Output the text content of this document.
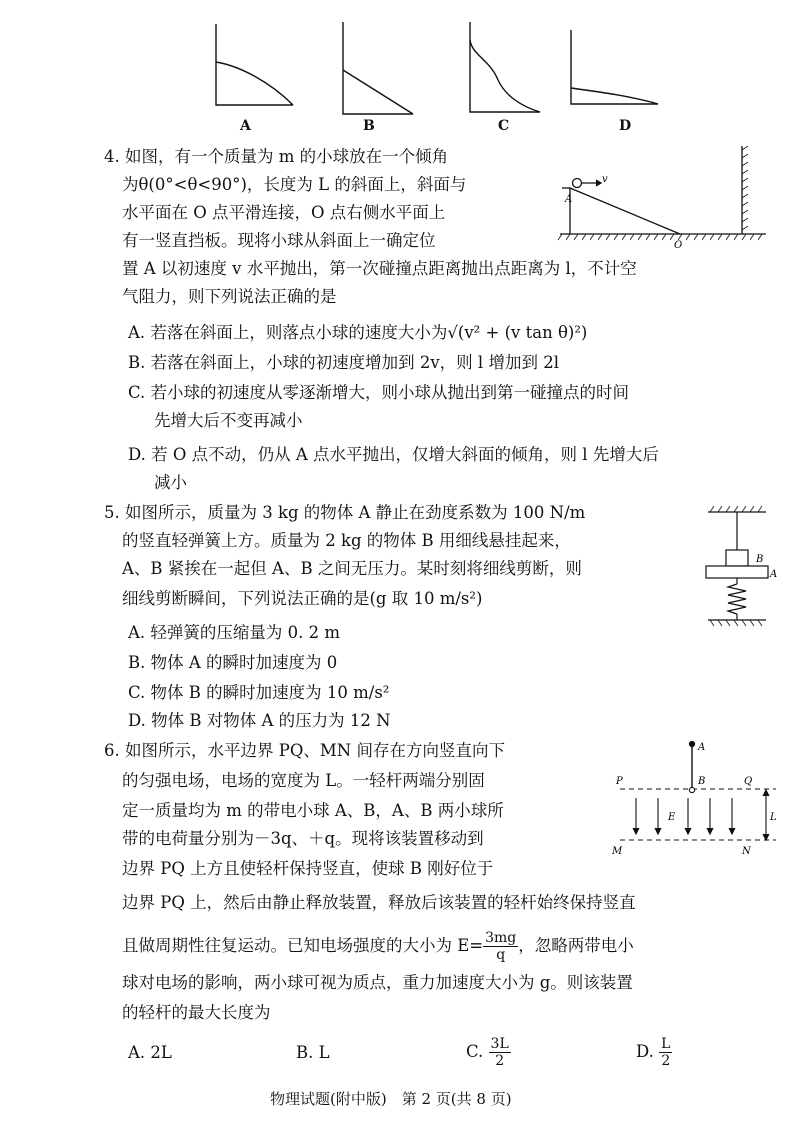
A	B	C	D
4. 如图，有一个质量为 m 的小球放在一个倾角
为θ(0°<θ<90°)，长度为 L 的斜面上，斜面与
水平面在 O 点平滑连接，O 点右侧水平面上
有一竖直挡板。现将小球从斜面上一确定位
置 A 以初速度 v 水平抛出，第一次碰撞点距离抛出点距离为 l，不计空
气阻力，则下列说法正确的是
v
A
O
A. 若落在斜面上，则落点小球的速度大小为√(v² + (v tan θ)²)
B. 若落在斜面上，小球的初速度增加到 2v，则 l 增加到 2l
C. 若小球的初速度从零逐渐增大，则小球从抛出到第一碰撞点的时间
先增大后不变再减小
D. 若 O 点不动，仍从 A 点水平抛出，仅增大斜面的倾角，则 l 先增大后
减小
5. 如图所示，质量为 3 kg 的物体 A 静止在劲度系数为 100 N/m
的竖直轻弹簧上方。质量为 2 kg 的物体 B 用细线悬挂起来，
A、B 紧挨在一起但 A、B 之间无压力。某时刻将细线剪断，则
细线剪断瞬间，下列说法正确的是(g 取 10 m/s²)
B
A
A. 轻弹簧的压缩量为 0. 2 m
B. 物体 A 的瞬时加速度为 0
C. 物体 B 的瞬时加速度为 10 m/s²
D. 物体 B 对物体 A 的压力为 12 N
6. 如图所示，水平边界 PQ、MN 间存在方向竖直向下
的匀强电场，电场的宽度为 L。一轻杆两端分别固
定一质量均为 m 的带电小球 A、B，A、B 两小球所
带的电荷量分别为－3q、＋q。现将该装置移动到
边界 PQ 上方且使轻杆保持竖直，使球 B 刚好位于
边界 PQ 上，然后由静止释放装置，释放后该装置的轻杆始终保持竖直
且做周期性往复运动。已知电场强度的大小为 $E= \frac{3mg}{q}$ ，忽略两带电小
球对电场的影响，两小球可视为质点，重力加速度大小为 g。则该装置
的轻杆的最大长度为
A
P	B	Q
E	L
M	N
A. 2L	B. L	C. $\frac{3L}{2}$	D. $\frac{L}{2}$
物理试题(附中版)　第 2 页(共 8 页)
